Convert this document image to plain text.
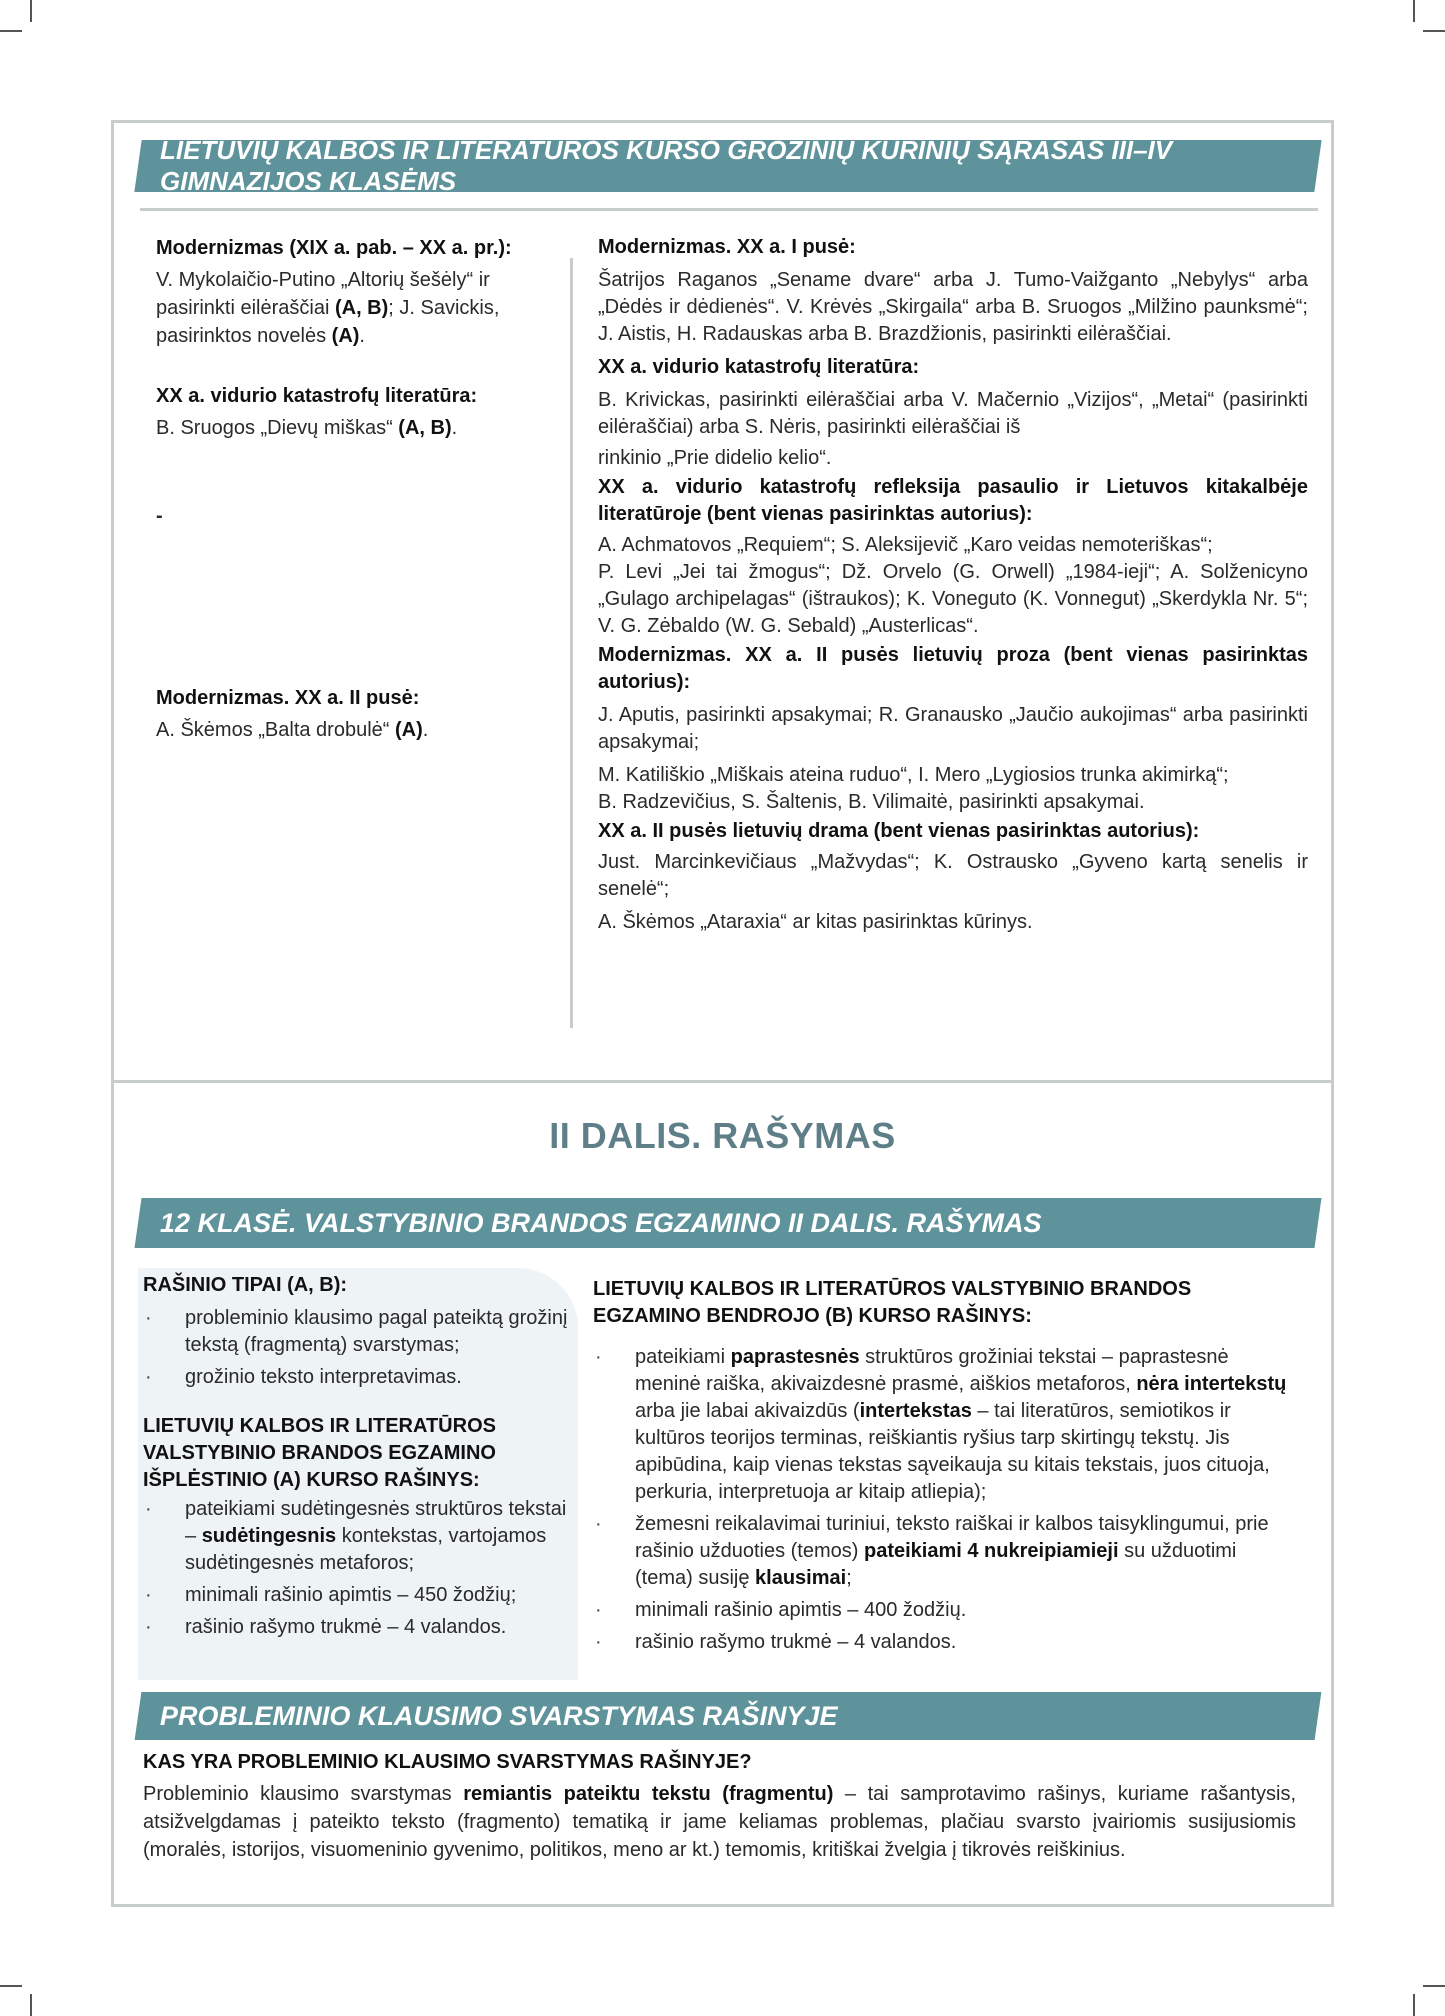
LIETUVIŲ KALBOS IR LITERATŪROS KURSO GROŽINIŲ KŪRINIŲ SĄRAŠAS III–IV GIMNAZIJOS KLASĖMS

Modernizmas (XIX a. pab. – XX a. pr.):

V. Mykolaičio-Putino „Altorių šešėly“ ir pasirinkti eilėraščiai (A, B); J. Savickis, pasirinktos novelės (A).

XX a. vidurio katastrofų literatūra:

B. Sruogos „Dievų miškas“ (A, B).

-

Modernizmas. XX a. II pusė:

A. Škėmos „Balta drobulė“ (A).

Modernizmas. XX a. I pusė:

Šatrijos Raganos „Sename dvare“ arba J. Tumo-Vaižganto „Nebylys“ arba „Dėdės ir dėdienės“. V. Krėvės „Skirgaila“ arba B. Sruogos „Milžino paunksmė“; J. Aistis, H. Radauskas arba B. Brazdžionis, pasirinkti eilėraščiai.

XX a. vidurio katastrofų literatūra:

B. Krivickas, pasirinkti eilėraščiai arba V. Mačernio „Vizijos“, „Metai“ (pasirinkti eilėraščiai) arba S. Nėris, pasirinkti eilėraščiai iš

rinkinio „Prie didelio kelio“.

XX a. vidurio katastrofų refleksija pasaulio ir Lietuvos kitakalbėje literatūroje (bent vienas pasirinktas autorius):

A. Achmatovos „Requiem“; S. Aleksijevič „Karo veidas nemoteriškas“;

P. Levi „Jei tai žmogus“; Dž. Orvelo (G. Orwell) „1984-ieji“; A. Solženicyno „Gulago archipelagas“ (ištraukos); K. Voneguto (K. Vonnegut) „Skerdykla Nr. 5“; V. G. Zėbaldo (W. G. Sebald) „Austerlicas“.

Modernizmas. XX a. II pusės lietuvių proza (bent vienas pasirinktas autorius):

J. Aputis, pasirinkti apsakymai; R. Granausko „Jaučio aukojimas“ arba pasirinkti apsakymai;

M. Katiliškio „Miškais ateina ruduo“, I. Mero „Lygiosios trunka akimirką“;

B. Radzevičius, S. Šaltenis, B. Vilimaitė, pasirinkti apsakymai.

XX a. II pusės lietuvių drama (bent vienas pasirinktas autorius):

Just. Marcinkevičiaus „Mažvydas“; K. Ostrausko „Gyveno kartą senelis ir senelė“;

A. Škėmos „Ataraxia“ ar kitas pasirinktas kūrinys.

II DALIS. RAŠYMAS
12 KLASĖ. VALSTYBINIO BRANDOS EGZAMINO II DALIS. RAŠYMAS

RAŠINIO TIPAI (A, B):

· probleminio klausimo pagal pateiktą grožinį tekstą (fragmentą) svarstymas;
· grožinio teksto interpretavimas.

LIETUVIŲ KALBOS IR LITERATŪROS VALSTYBINIO BRANDOS EGZAMINO IŠPLĖSTINIO (A) KURSO RAŠINYS:

· pateikiami sudėtingesnės struktūros tekstai – sudėtingesnis kontekstas, vartojamos sudėtingesnės metaforos;
· minimali rašinio apimtis – 450 žodžių;
· rašinio rašymo trukmė – 4 valandos.

LIETUVIŲ KALBOS IR LITERATŪROS VALSTYBINIO BRANDOS EGZAMINO BENDROJO (B) KURSO RAŠINYS:

· pateikiami paprastesnės struktūros grožiniai tekstai – paprastesnė meninė raiška, akivaizdesnė prasmė, aiškios metaforos, nėra intertekstų arba jie labai akivaizdūs (intertekstas – tai literatūros, semiotikos ir kultūros teorijos terminas, reiškiantis ryšius tarp skirtingų tekstų. Jis apibūdina, kaip vienas tekstas sąveikauja su kitais tekstais, juos cituoja, perkuria, interpretuoja ar kitaip atliepia);
· žemesni reikalavimai turiniui, teksto raiškai ir kalbos taisyklingumui, prie rašinio užduoties (temos) pateikiami 4 nukreipiamieji su užduotimi (tema) susiję klausimai;
· minimali rašinio apimtis – 400 žodžių.
· rašinio rašymo trukmė – 4 valandos.
PROBLEMINIO KLAUSIMO SVARSTYMAS RAŠINYJE

KAS YRA PROBLEMINIO KLAUSIMO SVARSTYMAS RAŠINYJE?

Probleminio klausimo svarstymas remiantis pateiktu tekstu (fragmentu) – tai samprotavimo rašinys, kuriame rašantysis, atsižvelgdamas į pateikto teksto (fragmento) tematiką ir jame keliamas problemas, plačiau svarsto įvairiomis susijusiomis (moralės, istorijos, visuomeninio gyvenimo, politikos, meno ar kt.) temomis, kritiškai žvelgia į tikrovės reiškinius.
